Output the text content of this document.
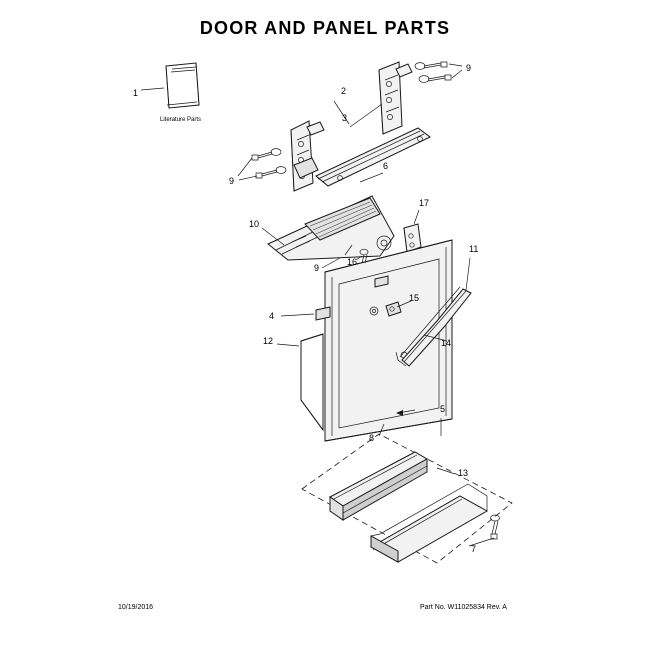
DOOR AND PANEL PARTS
Literature Parts
1	2
3
4
5
6
7
8
9
9
9
10
11
12
13
14
15
16
17
10/19/2016	Part No. W11025834 Rev. A
